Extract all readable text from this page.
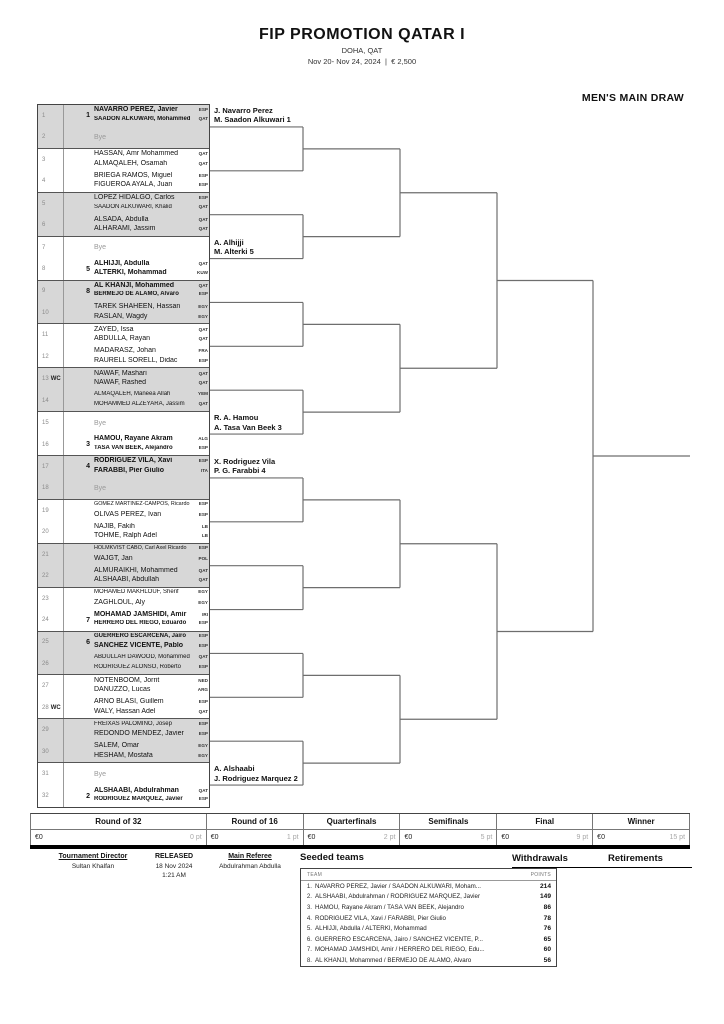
FIP PROMOTION QATAR I
DOHA, QAT
Nov 20- Nov 24, 2024 | € 2,500
MEN'S MAIN DRAW
1	1
NAVARRO PEREZ, Javier	ESP
SAADON ALKUWARI, Mohammed	QAT
2	Bye
3
HASSAN, Amr Mohammed	QAT
ALMAQALEH, Osamah	QAT
4
BRIEGA RAMOS, Miguel	ESP
FIGUEROA AYALA, Juan	ESP
5
LOPEZ HIDALGO, Carlos	ESP
SAADON ALKUWARI, Khalid	QAT
6
ALSADA, Abdulla	QAT
ALHARAMI, Jassim	QAT
7	Bye
8	5
ALHIJJI, Abdulla	QAT
ALTERKI, Mohammad	KUW
9	8
AL KHANJI, Mohammed	QAT
BERMEJO DE ALAMO, Alvaro	ESP
10
TAREK SHAHEEN, Hassan	EGY
RASLAN, Wagdy	EGY
11
ZAYED, Issa	QAT
ABDULLA, Rayan	QAT
12
MADARASZ, Johan	FRA
RAURELL SORELL, Didac	ESP
13 WC
NAWAF, Mashari	QAT
NAWAF, Rashed	QAT
14
ALMAQALEH, Maneea Allah	YEM
MOHAMMED ALZEYARA, Jassim	QAT
15	Bye
16	3
HAMOU, Rayane Akram	ALG
TASA VAN BEEK, Alejandro	ESP
17	4
RODRIGUEZ VILA, Xavi	ESP
FARABBI, Pier Giulio	ITA
18	Bye
19
GOMEZ MARTINEZ-CAMPOS, Ricardo	ESP
OLIVAS PEREZ, Ivan	ESP
20
NAJIB, Fakih	LB
TOHME, Ralph Adel	LB
21
HOLMKVIST CABO, Carl Axel Ricardo	ESP
WAJGT, Jan	POL
22
ALMURAIKHI, Mohammed	QAT
ALSHAABI, Abdullah	QAT
23
MOHAMED MAKHLOUF, Sherif	EGY
ZAGHLOUL, Aly	EGY
24	7
MOHAMAD JAMSHIDI, Amir	IRI
HERRERO DEL RIEGO, Eduardo	ESP
25	6
GUERRERO ESCARCENA, Jairo	ESP
SANCHEZ VICENTE, Pablo	ESP
26
ABDULLAH DAWOOD, Mohammed	QAT
RODRIGUEZ ALONSO, Roberto	ESP
27
NOTENBOOM, Jorrit	NED
DANUZZO, Lucas	ARG
28 WC
ARNO BLASI, Guillem	ESP
WALY, Hassan Adel	QAT
29
FREIXAS PALOMINO, Josep	ESP
REDONDO MENDEZ, Javier	ESP
30
SALEM, Omar	EGY
HESHAM, Mostafa	EGY
31	Bye
32	2
ALSHAABI, Abdulrahman	QAT
RODRIGUEZ MARQUEZ, Javier	ESP
J. Navarro Perez
M. Saadon Alkuwari 1
A. Alhijji
M. Alterki 5
R. A. Hamou
A. Tasa Van Beek 3
X. Rodriguez Vila
P. G. Farabbi 4
A. Alshaabi
J. Rodriguez Marquez 2
Round of 32
€0	0 pt
Round of 16
€0	1 pt
Quarterfinals
€0	2 pt
Semifinals
€0	5 pt
Final
€0	9 pt
Winner
€0	15 pt
Tournament Director
Sultan Khalfan
RELEASED
18 Nov 2024
1:21 AM
Main Referee
Abdulrahman Abdulla
Seeded teams
TEAM	POINTS
1. NAVARRO PEREZ, Javier / SAADON ALKUWARI, Moham...	214
2. ALSHAABI, Abdulrahman / RODRIGUEZ MARQUEZ, Javier	149
3. HAMOU, Rayane Akram / TASA VAN BEEK, Alejandro	86
4. RODRIGUEZ VILA, Xavi / FARABBI, Pier Giulio	78
5. ALHIJJI, Abdulla / ALTERKI, Mohammad	76
6. GUERRERO ESCARCENA, Jairo / SANCHEZ VICENTE, P...	65
7. MOHAMAD JAMSHIDI, Amir / HERRERO DEL RIEGO, Edu...	60
8. AL KHANJI, Mohammed / BERMEJO DE ALAMO, Alvaro	56
Withdrawals	Retirements
